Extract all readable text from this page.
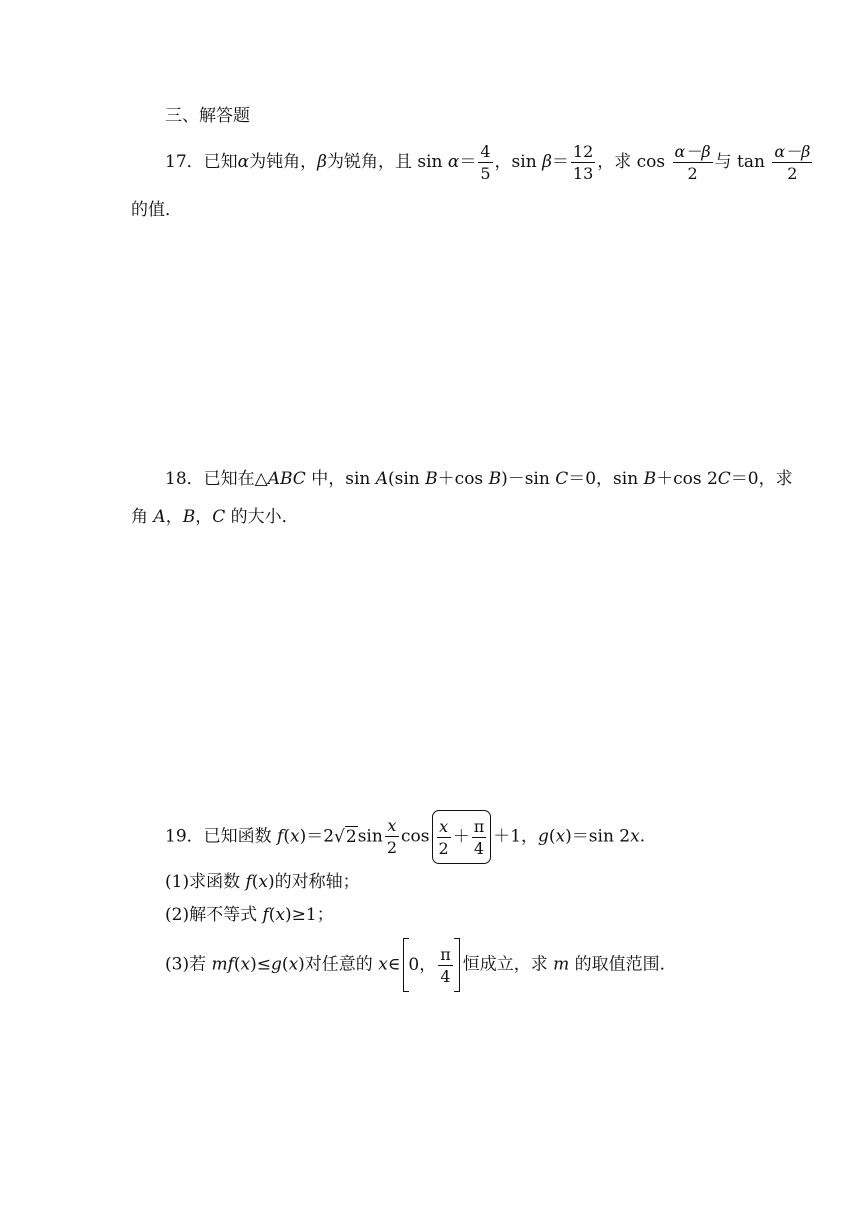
三、解答题
17．已知α为钝角，β为锐角，且 $\sin \alpha= \frac{4}{5}$ ，$\sin \beta= \frac{12}{13}$ ，求 $\cos \frac{\alpha-\beta}{2}$ 与 $\tan \frac{\alpha-\beta}{2}$
的值．
18．已知在△ABC 中，sin A(sin B＋cos B)－sin C＝0，sin B＋cos 2C＝0，求
角 A，B，C 的大小．
19．已知函数 $f(x)=2√2\sin \frac{x}{2}$ $\cos \frac{x}{2} + \frac{\pi}{4} +1$，g(x)＝sin 2x.
(1)求函数 f(x)的对称轴；
(2)解不等式 f(x)≥1；
(3)若 mf(x)≤g(x)对任意的 x∈ 0， $\frac{\pi}{4}$ 恒成立，求 m 的取值范围．
